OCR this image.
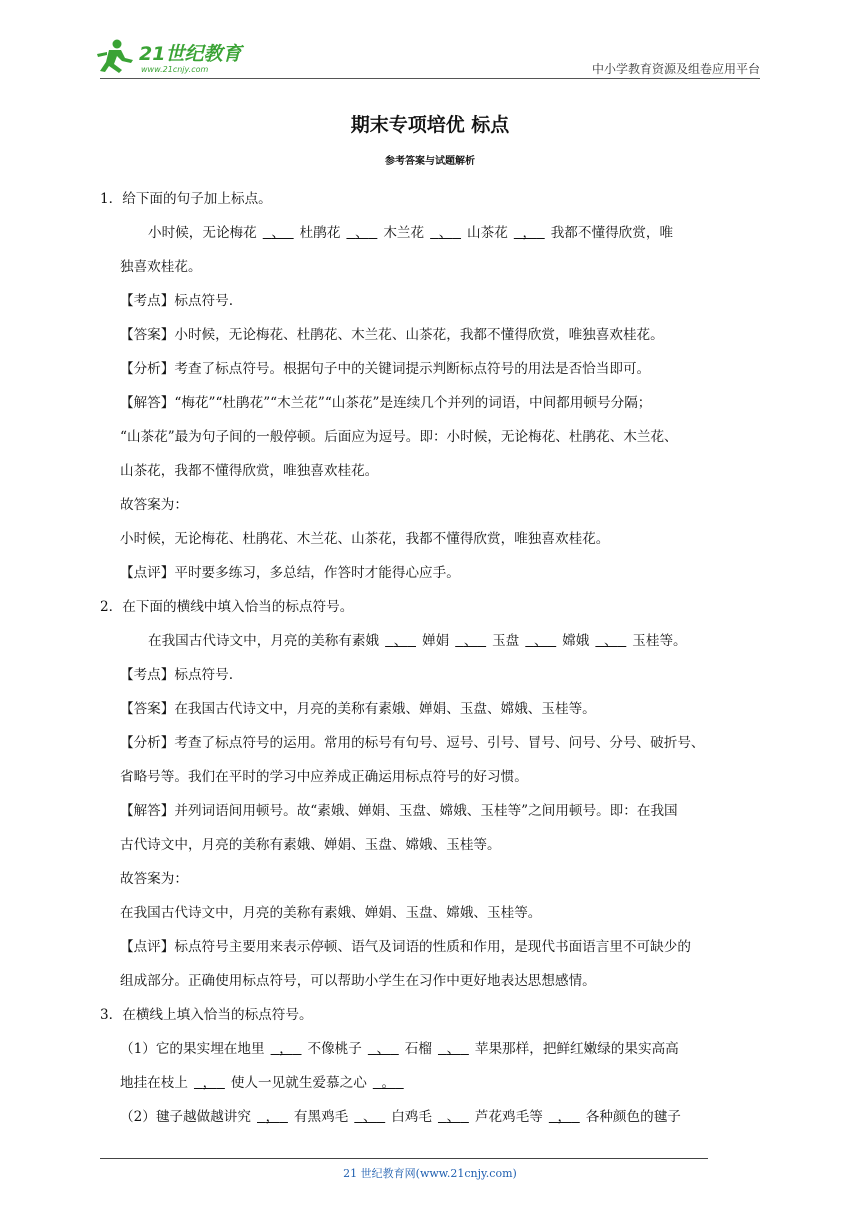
21世纪教育
www.21cnjy.com	中小学教育资源及组卷应用平台
期末专项培优 标点
参考答案与试题解析
1．给下面的句子加上标点。
小时候，无论梅花 、 杜鹃花 、 木兰花 、 山茶花 ， 我都不懂得欣赏，唯
独喜欢桂花。
【考点】标点符号.
【答案】小时候，无论梅花、杜鹃花、木兰花、山茶花，我都不懂得欣赏，唯独喜欢桂花。
【分析】考查了标点符号。根据句子中的关键词提示判断标点符号的用法是否恰当即可。
【解答】“梅花”“杜鹃花”“木兰花”“山茶花”是连续几个并列的词语，中间都用顿号分隔；
“山茶花”最为句子间的一般停顿。后面应为逗号。即：小时候，无论梅花、杜鹃花、木兰花、
山茶花，我都不懂得欣赏，唯独喜欢桂花。
故答案为：
小时候，无论梅花、杜鹃花、木兰花、山茶花，我都不懂得欣赏，唯独喜欢桂花。
【点评】平时要多练习，多总结，作答时才能得心应手。
2．在下面的横线中填入恰当的标点符号。
在我国古代诗文中，月亮的美称有素娥 、 婵娟 、 玉盘 、 嫦娥 、 玉桂等。
【考点】标点符号.
【答案】在我国古代诗文中，月亮的美称有素娥、婵娟、玉盘、嫦娥、玉桂等。
【分析】考查了标点符号的运用。常用的标号有句号、逗号、引号、冒号、问号、分号、破折号、
省略号等。我们在平时的学习中应养成正确运用标点符号的好习惯。
【解答】并列词语间用顿号。故“素娥、婵娟、玉盘、嫦娥、玉桂等”之间用顿号。即：在我国
古代诗文中，月亮的美称有素娥、婵娟、玉盘、嫦娥、玉桂等。
故答案为：
在我国古代诗文中，月亮的美称有素娥、婵娟、玉盘、嫦娥、玉桂等。
【点评】标点符号主要用来表示停顿、语气及词语的性质和作用，是现代书面语言里不可缺少的
组成部分。正确使用标点符号，可以帮助小学生在习作中更好地表达思想感情。
3．在横线上填入恰当的标点符号。
（1）它的果实埋在地里 ， 不像桃子 、 石榴 、 苹果那样，把鲜红嫩绿的果实高高
地挂在枝上 ， 使人一见就生爱慕之心 。
（2）毽子越做越讲究 ， 有黑鸡毛 、 白鸡毛 、 芦花鸡毛等 ， 各种颜色的毽子
21 世纪教育网(www.21cnjy.com)
